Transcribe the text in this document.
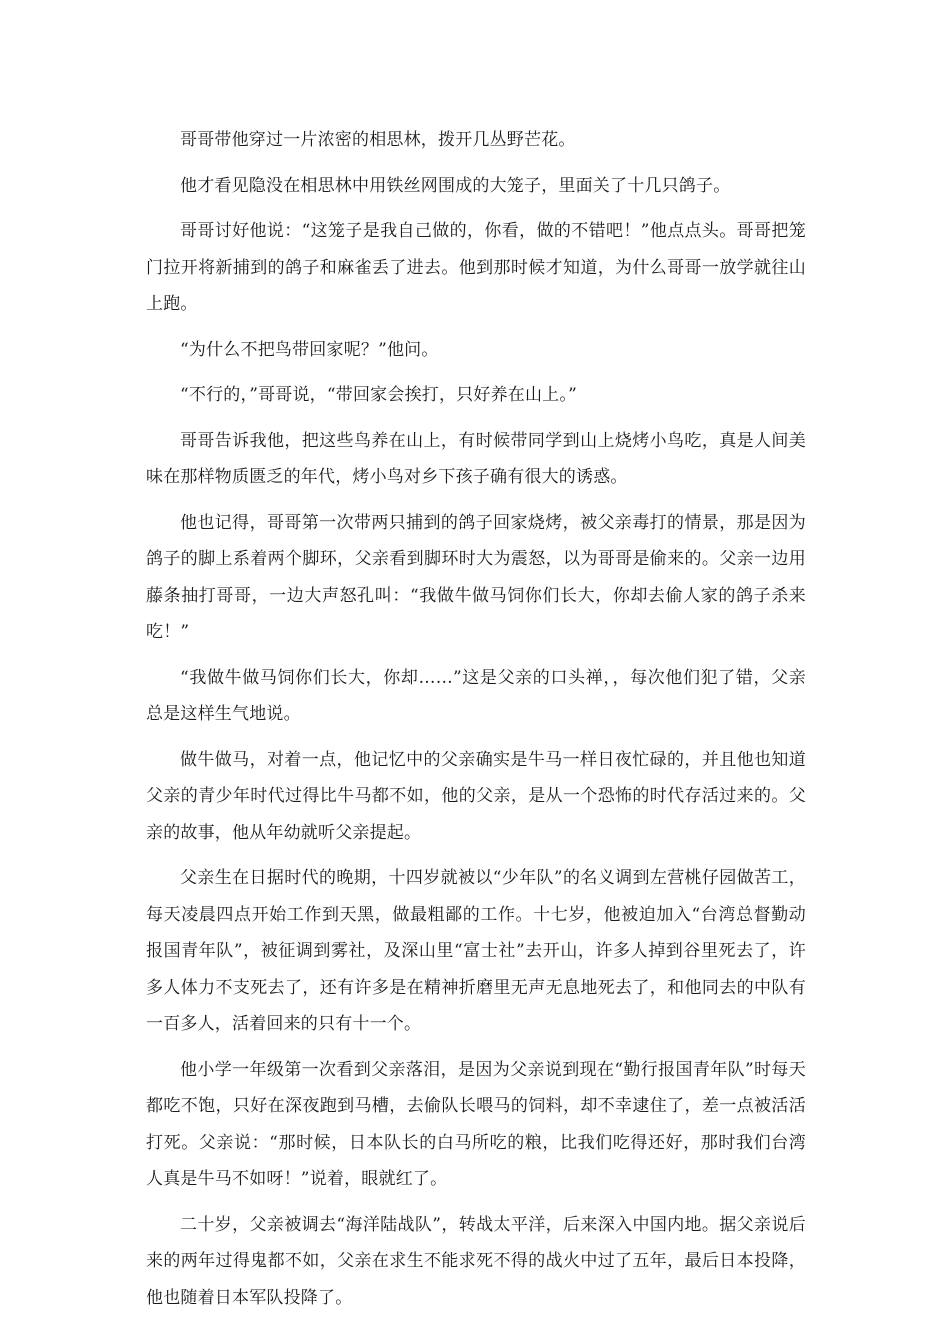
哥哥带他穿过一片浓密的相思林，拨开几丛野芒花。

他才看见隐没在相思林中用铁丝网围成的大笼子，里面关了十几只鸽子。

哥哥讨好他说：“这笼子是我自己做的，你看，做的不错吧！”他点点头。哥哥把笼门拉开将新捕到的鸽子和麻雀丢了进去。他到那时候才知道，为什么哥哥一放学就往山上跑。

“为什么不把鸟带回家呢？”他问。

“不行的，”哥哥说，“带回家会挨打，只好养在山上。”

哥哥告诉我他，把这些鸟养在山上，有时候带同学到山上烧烤小鸟吃，真是人间美味在那样物质匮乏的年代，烤小鸟对乡下孩子确有很大的诱惑。

他也记得，哥哥第一次带两只捕到的鸽子回家烧烤，被父亲毒打的情景，那是因为鸽子的脚上系着两个脚环，父亲看到脚环时大为震怒，以为哥哥是偷来的。父亲一边用藤条抽打哥哥，一边大声怒孔叫：“我做牛做马饲你们长大，你却去偷人家的鸽子杀来吃！”

“我做牛做马饲你们长大，你却……”这是父亲的口头禅，，每次他们犯了错，父亲总是这样生气地说。

做牛做马，对着一点，他记忆中的父亲确实是牛马一样日夜忙碌的，并且他也知道父亲的青少年时代过得比牛马都不如，他的父亲，是从一个恐怖的时代存活过来的。父亲的故事，他从年幼就听父亲提起。

父亲生在日据时代的晚期，十四岁就被以“少年队”的名义调到左营桃仔园做苦工，每天凌晨四点开始工作到天黑，做最粗鄙的工作。十七岁，他被迫加入“台湾总督勤动报国青年队”，被征调到雾社，及深山里“富士社”去开山，许多人掉到谷里死去了，许多人体力不支死去了，还有许多是在精神折磨里无声无息地死去了，和他同去的中队有一百多人，活着回来的只有十一个。

他小学一年级第一次看到父亲落泪，是因为父亲说到现在“勤行报国青年队”时每天都吃不饱，只好在深夜跑到马槽，去偷队长喂马的饲料，却不幸逮住了，差一点被活活打死。父亲说：“那时候，日本队长的白马所吃的粮，比我们吃得还好，那时我们台湾人真是牛马不如呀！”说着，眼就红了。

二十岁，父亲被调去“海洋陆战队”，转战太平洋，后来深入中国内地。据父亲说后来的两年过得鬼都不如，父亲在求生不能求死不得的战火中过了五年，最后日本投降，他也随着日本军队投降了。
